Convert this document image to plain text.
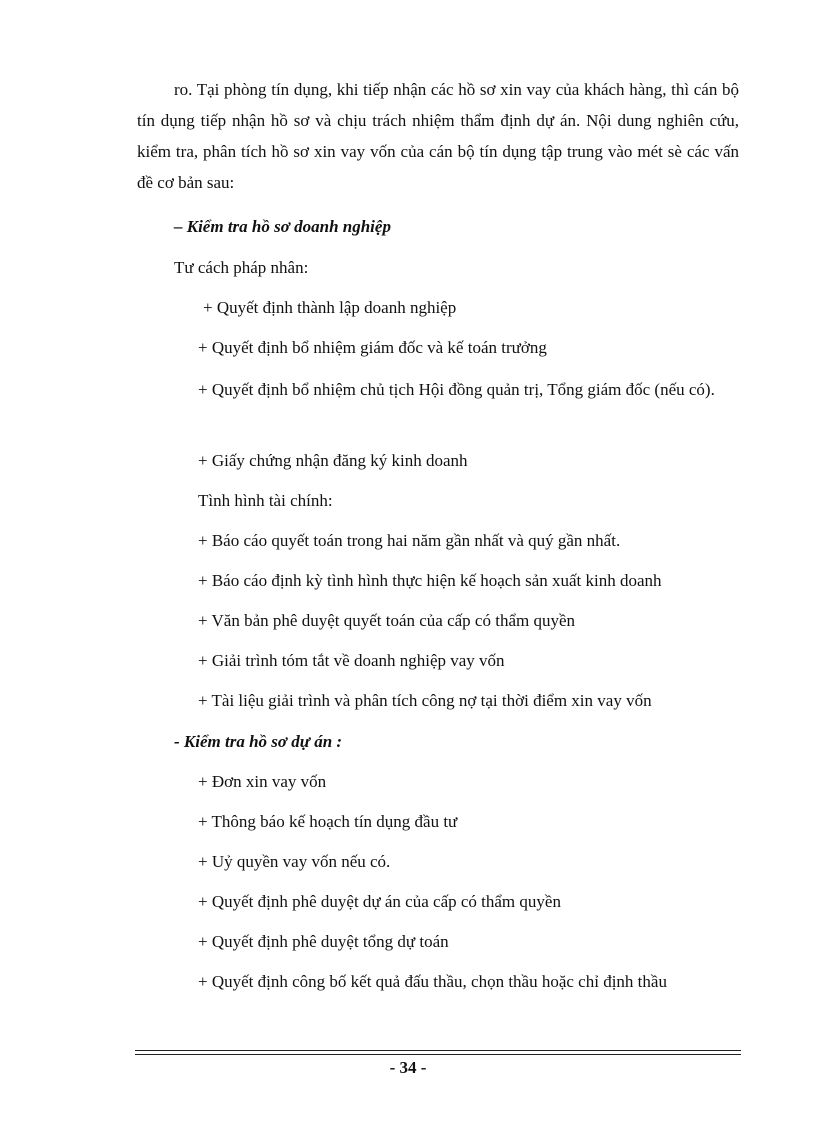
ro. Tại phòng tín dụng, khi tiếp nhận các hồ sơ xin vay của khách hàng, thì cán bộ tín dụng tiếp nhận hồ sơ và chịu trách nhiệm thẩm định dự án. Nội dung nghiên cứu, kiểm tra, phân tích hồ sơ xin vay vốn của cán bộ tín dụng tập trung vào mét sè các vấn đề cơ bản sau:

– Kiểm tra hồ sơ doanh nghiệp

Tư cách pháp nhân:

+ Quyết định thành lập doanh nghiệp

+ Quyết định bổ nhiệm giám đốc và kế toán trưởng

+ Quyết định bổ nhiệm chủ tịch Hội đồng quản trị, Tổng giám đốc (nếu có).

+ Giấy chứng nhận đăng ký kinh doanh

Tình hình tài chính:

+ Báo cáo quyết toán trong hai năm gần nhất và quý gần nhất.

+ Báo cáo định kỳ tình hình thực hiện kế hoạch sản xuất kinh doanh

+ Văn bản phê duyệt quyết toán của cấp có thẩm quyền

+ Giải trình tóm tắt về doanh nghiệp vay vốn

+ Tài liệu giải trình và phân tích công nợ tại thời điểm xin vay vốn

- Kiểm tra hồ sơ dự án :

+ Đơn xin vay vốn

+ Thông báo kế hoạch tín dụng đầu tư

+ Uỷ quyền vay vốn nếu có.

+ Quyết định phê duyệt dự án của cấp có thẩm quyền

+ Quyết định phê duyệt tổng dự toán

+ Quyết định công bố kết quả đấu thầu, chọn thầu hoặc chỉ định thầu

- 34 -
